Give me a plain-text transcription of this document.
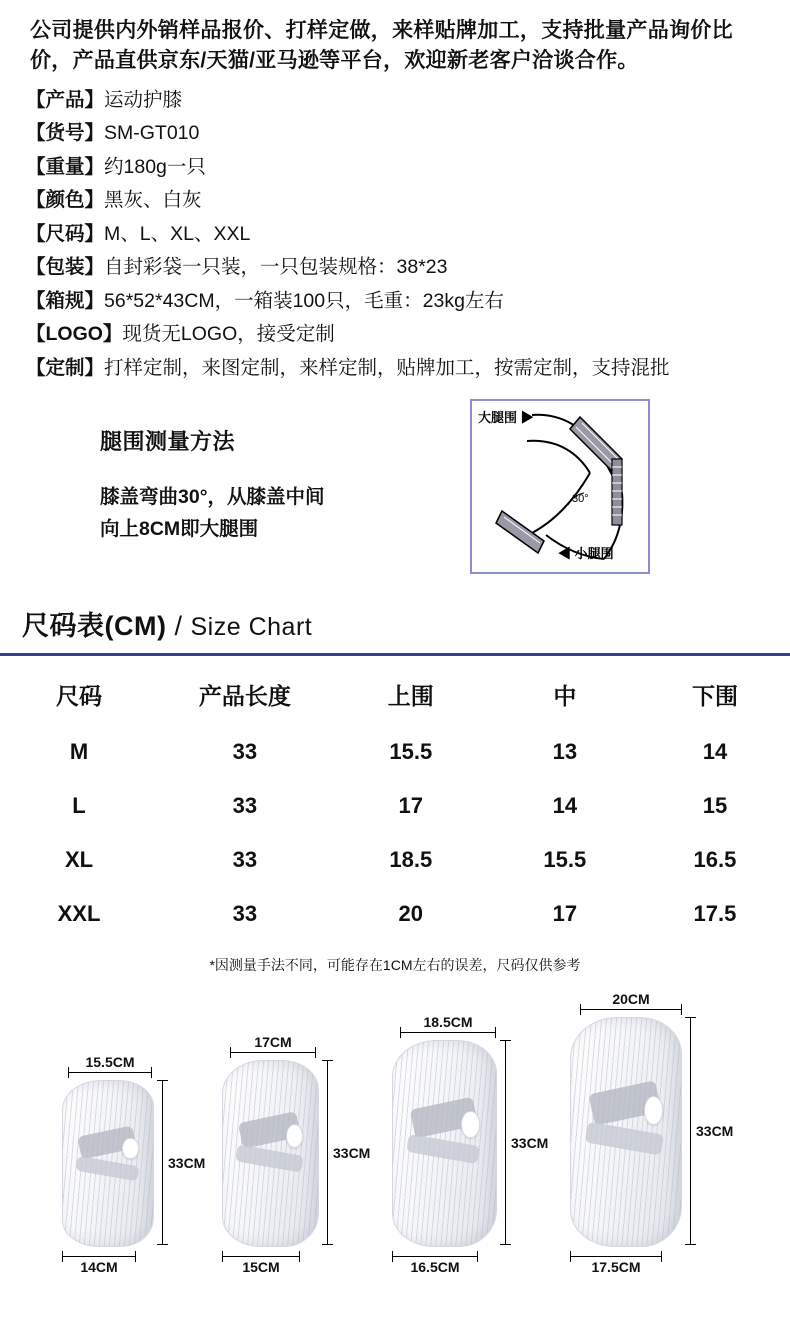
公司提供内外销样品报价、打样定做，来样贴牌加工，支持批量产品询价比价，产品直供京东/天猫/亚马逊等平台，欢迎新老客户洽谈合作。
【产品】运动护膝
【货号】SM-GT010
【重量】约180g一只
【颜色】黑灰、白灰
【尺码】M、L、XL、XXL
【包装】自封彩袋一只装，一只包装规格：38*23
【箱规】56*52*43CM，一箱装100只，毛重：23kg左右
【LOGO】现货无LOGO，接受定制
【定制】打样定制，来图定制，来样定制，贴牌加工，按需定制，支持混批
腿围测量方法
膝盖弯曲30°，从膝盖中间
向上8CM即大腿围
大腿围 ▶
◀ 小腿围
30°
尺码表(CM) / Size Chart
尺码	产品长度	上围	中	下围
M	33	15.5	13	14
L	33	17	14	15
XL	33	18.5	15.5	16.5
XXL	33	20	17	17.5
*因测量手法不同，可能存在1CM左右的误差，尺码仅供参考
15.5CM
33CM
14CM
17CM
33CM
15CM
18.5CM
33CM
16.5CM
20CM
33CM
17.5CM
